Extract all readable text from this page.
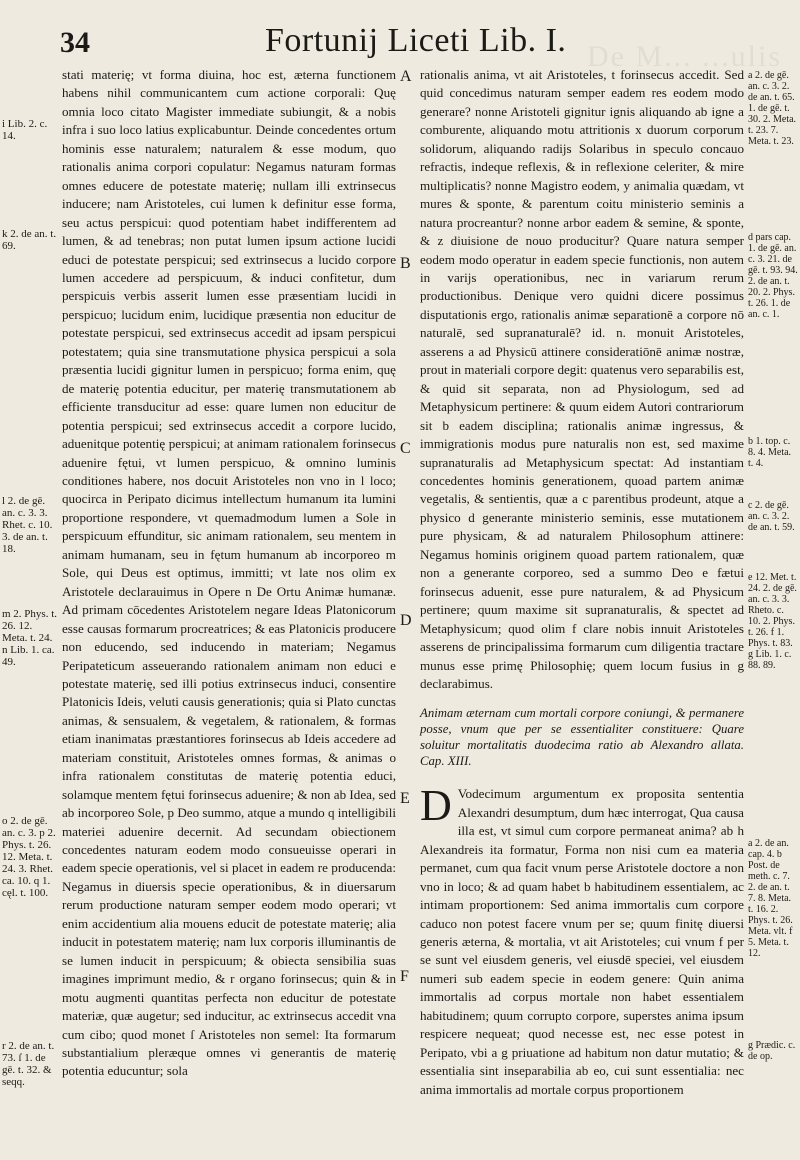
De M... ...ulis
34	Fortunij Liceti Lib. I.
i Lib. 2. c. 14.
k 2. de an. t. 69.
l 2. de gē. an. c. 3. 3. Rhet. c. 10. 3. de an. t. 18.
m 2. Phys. t. 26. 12. Meta. t. 24. n Lib. 1. ca. 49.
o 2. de gē. an. c. 3. p 2. Phys. t. 26. 12. Meta. t. 24. 3. Rhet. ca. 10. q 1. cęl. t. 100.
r 2. de an. t. 73. ſ 1. de gē. t. 32. & seqq.
A
B
C
D
E
F

stati materię; vt forma diuina, hoc est, æterna functionem habens nihil communicantem cum actione corporali: Quę omnia loco citato Magister immediate subiungit, & a nobis infra i suo loco latius explicabuntur. Deinde concedentes ortum hominis esse naturalem; naturalem & esse modum, quo rationalis anima corpori copulatur: Negamus naturam formas omnes educere de potestate materię; nullam illi extrinsecus inducere; nam Aristoteles, cui lumen k definitur esse forma, seu actus perspicui: quod potentiam habet indifferentem ad lumen, & ad tenebras; non putat lumen ipsum actione lucidi educi de potestate perspicui; sed extrinsecus a lucido corpore lumen accedere ad perspicuum, & induci confitetur, dum perspicuis verbis asserit lumen esse præsentiam lucidi in perspicuo; lucidum enim, lucidique præsentia non educitur de potestate perspicui, sed extrinsecus accedit ad ipsam perspicui potestatem; quia sine transmutatione physica perspicui a sola præsentia lucidi gignitur lumen in perspicuo; forma enim, quę de materię potentia educitur, per materię transmutationem ab efficiente transducitur ad esse: quare lumen non educitur de potentia perspicui; sed extrinsecus accedit a corpore lucido, aduenitque potentię perspicui; at animam rationalem forinsecus aduenire fętui, vt lumen perspicuo, & omnino luminis conditiones habere, nos docuit Aristoteles non vno in l loco; quocirca in Peripato dicimus intellectum humanum ita lumini proportione respondere, vt quemadmodum lumen a Sole in perspicuum effunditur, sic animam rationalem, seu mentem in animam humanam, seu in fętum humanum ab incorporeo m Sole, qui Deus est optimus, immitti; vt late nos olim ex Aristotele declarauimus in Opere n De Ortu Animæ humanæ. Ad primam cōcedentes Aristotelem negare Ideas Platonicorum esse causas formarum procreatrices; & eas Platonicis producere non educendo, sed inducendo in materiam; Negamus Peripateticum asseuerando rationalem animam non educi e potestate materię, sed illi potius extrinsecus induci, consentire Platonicis Ideis, veluti causis generationis; quia si Plato cunctas animas, & sensualem, & vegetalem, & rationalem, & formas etiam inanimatas præstantiores forinsecus ab Ideis accedere ad materiam constituit, Aristoteles omnes formas, & animas o infra rationalem constitutas de materię potentia educi, solamque mentem fętui forinsecus aduenire; & non ab Idea, sed ab incorporeo Sole, p Deo summo, atque a mundo q intelligibili materiei aduenire decernit. Ad secundam obiectionem concedentes naturam eodem modo consueuisse operari in eadem specie operationis, vel si placet in eadem re producenda: Negamus in diuersis specie operationibus, & in diuersarum rerum productione naturam semper eodem modo operari; vt enim accidentium alia mouens educit de potestate materię; alia inducit in potestatem materię; nam lux corporis illuminantis de se lumen inducit in perspicuum; & obiecta sensibilia suas imagines imprimunt medio, & r organo forinsecus; quin & in motu augmenti quantitas perfecta non educitur de potestate materiæ, quæ augetur; sed inducitur, ac extrinsecus accedit vna cum cibo; quod monet ſ Aristoteles non semel: Ita formarum substantialium pleræque omnes vi generantis de materię potentia educuntur; sola

rationalis anima, vt ait Aristoteles, t forinsecus accedit. Sed quid concedimus naturam semper eadem res eodem modo generare? nonne Aristoteli gignitur ignis aliquando ab igne a comburente, aliquando motu attritionis x duorum corporum solidorum, aliquando radijs Solaribus in speculo concauo refractis, indeque reflexis, & in reflexione celeriter, & mire multiplicatis? nonne Magistro eodem, y animalia quædam, vt mures & sponte, & parentum coitu ministerio seminis a natura procreantur? nonne arbor eadem & semine, & sponte, & z diuisione de nouo producitur? Quare natura semper eodem modo operatur in eadem specie functionis, non autem in varijs operationibus, nec in variarum rerum productionibus. Denique vero quidni dicere possimus disputationis ergo, rationalis animæ separationē a corpore nō naturalē, sed supranaturalē? id. n. monuit Aristoteles, asserens a ad Physicū attinere consideratiōnē animæ nostræ, prout in materiali corpore degit: quatenus vero separabilis est, & quid sit separata, non ad Physiologum, sed ad Metaphysicum pertinere: & quum eidem Autori contrariorum sit b eadem disciplina; rationalis animæ ingressus, & immigrationis modus pure naturalis non est, sed maxime supranaturalis ad Metaphysicum spectat: Ad instantiam concedentes hominis generationem, quoad partem animæ vegetalis, & sentientis, quæ a c parentibus prodeunt, atque a physico d generante ministerio seminis, esse mutationem pure physicam, & ad naturalem Philosophum attinere: Negamus hominis originem quoad partem rationalem, quæ non a generante corporeo, sed a summo Deo e fætui forinsecus aduenit, esse pure naturalem, & ad Physicum pertinere; quum maxime sit supranaturalis, & spectet ad Metaphysicum; quod olim f clare nobis innuit Aristoteles asserens de principalissima formarum cum diligentia tractare munus esse primę Philosophię; quem locum fusius in g declarabimus.

Animam æternam cum mortali corpore coniungi, & permanere posse, vnum que per se essentialiter constituere: Quare soluitur mortalitatis duodecima ratio ab Alexandro allata. Cap. XIII.

D Vodecimum argumentum ex proposita sententia Alexandri desumptum, dum hæc interrogat, Qua causa illa est, vt simul cum corpore permaneat anima? ab h Alexandreis ita formatur, Forma non nisi cum ea materia permanet, cum qua facit vnum perse Aristotele doctore a non vno in loco; & ad quam habet b habitudinem essentialem, ac intimam proportionem: Sed anima immortalis cum corpore caduco non potest facere vnum per se; quum finitę diuersi generis æterna, & mortalia, vt ait Aristoteles; cui vnum f per se sunt vel eiusdem generis, vel eiusdē speciei, vel eiusdem numeri sub eadem specie in eodem genere: Quin anima immortalis ad corpus mortale non habet essentialem habitudinem; quum corrupto corpore, superstes anima ipsum respicere nequeat; quod necesse est, nec esse potest in Peripato, vbi a g priuatione ad habitum non datur mutatio; & essentialia sint inseparabilia ab eo, cui sunt essentialia: nec anima immortalis ad mortale corpus proportionem

a 2. de gē. an. c. 3. 2. de an. t. 65. 1. de gē. t. 30. 2. Meta. t. 23. 7. Meta. t. 23.
d pars cap. 1. de gē. an. c. 3. 21. de gē. t. 93. 94. 2. de an. t. 20. 2. Phys. t. 26. 1. de an. c. 1.
b 1. top. c. 8. 4. Meta. t. 4.
c 2. de gē. an. c. 3. 2. de an. t. 59.
e 12. Met. t. 24. 2. de gē. an. c. 3. 3. Rheto. c. 10. 2. Phys. t. 26. f 1. Phys. t. 83. g Lib. 1. c. 88. 89.
a 2. de an. cap. 4. b Post. de meth. c. 7. 2. de an. t. 7. 8. Meta. t. 16. 2. Phys. t. 26. Meta. vlt. f 5. Meta. t. 12.
g Prædic. c. de op.
